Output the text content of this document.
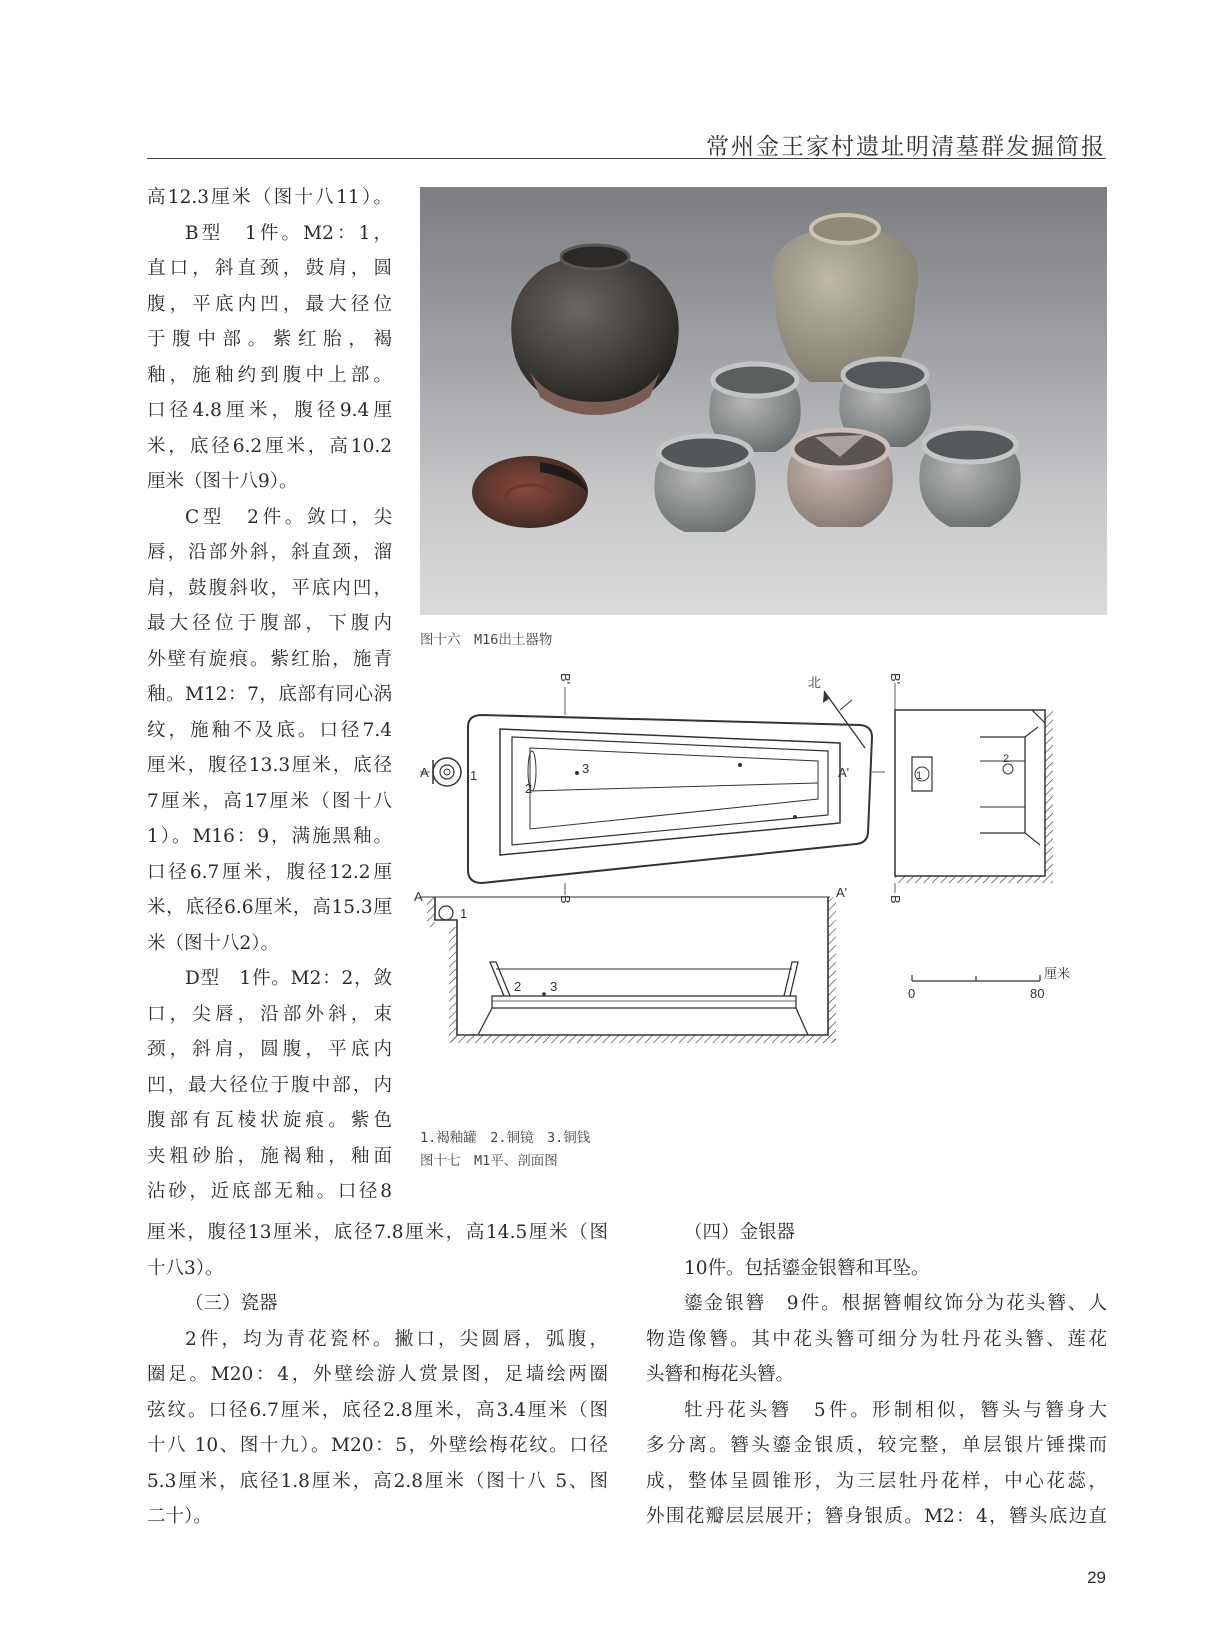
常州金王家村遗址明清墓群发掘简报

高12.3厘米（图十八11）。

B型　1件。M2：1，

直口，斜直颈，鼓肩，圆

腹，平底内凹，最大径位

于腹中部。紫红胎，褐

釉，施釉约到腹中上部。

口径4.8厘米，腹径9.4厘

米，底径6.2厘米，高10.2

厘米（图十八9）。

C型　2件。敛口，尖

唇，沿部外斜，斜直颈，溜

肩，鼓腹斜收，平底内凹，

最大径位于腹部，下腹内

外壁有旋痕。紫红胎，施青

釉。M12：7，底部有同心涡

纹，施釉不及底。口径7.4

厘米，腹径13.3厘米，底径

7厘米，高17厘米（图十八

1）。M16：9，满施黑釉。

口径6.7厘米，腹径12.2厘

米，底径6.6厘米，高15.3厘

米（图十八2）。

D型　1件。M2：2，敛

口，尖唇，沿部外斜，束

颈，斜肩，圆腹，平底内

凹，最大径位于腹中部，内

腹部有瓦棱状旋痕。紫色

夹粗砂胎，施褐釉，釉面

沾砂，近底部无釉。口径8

图十六　M16出土器物
A	A'
1
2
3
B'
B
北
1
2
B'
B
A	A'
1
2 3
厘米
0	80
1.褐釉罐　2.铜镜　3.铜钱
图十七　M1平、剖面图

厘米，腹径13厘米，底径7.8厘米，高14.5厘米（图

十八3）。

（三）瓷器

2件，均为青花瓷杯。撇口，尖圆唇，弧腹，

圈足。M20：4，外壁绘游人赏景图，足墙绘两圈

弦纹。口径6.7厘米，底径2.8厘米，高3.4厘米（图

十八 10、图十九）。M20：5，外壁绘梅花纹。口径

5.3厘米，底径1.8厘米，高2.8厘米（图十八 5、图

二十）。

（四）金银器

10件。包括鎏金银簪和耳坠。

鎏金银簪　9件。根据簪帽纹饰分为花头簪、人

物造像簪。其中花头簪可细分为牡丹花头簪、莲花

头簪和梅花头簪。

牡丹花头簪　5件。形制相似，簪头与簪身大

多分离。簪头鎏金银质，较完整，单层银片锤揲而

成，整体呈圆锥形，为三层牡丹花样，中心花蕊，

外围花瓣层层展开；簪身银质。M2：4，簪头底边直

29
